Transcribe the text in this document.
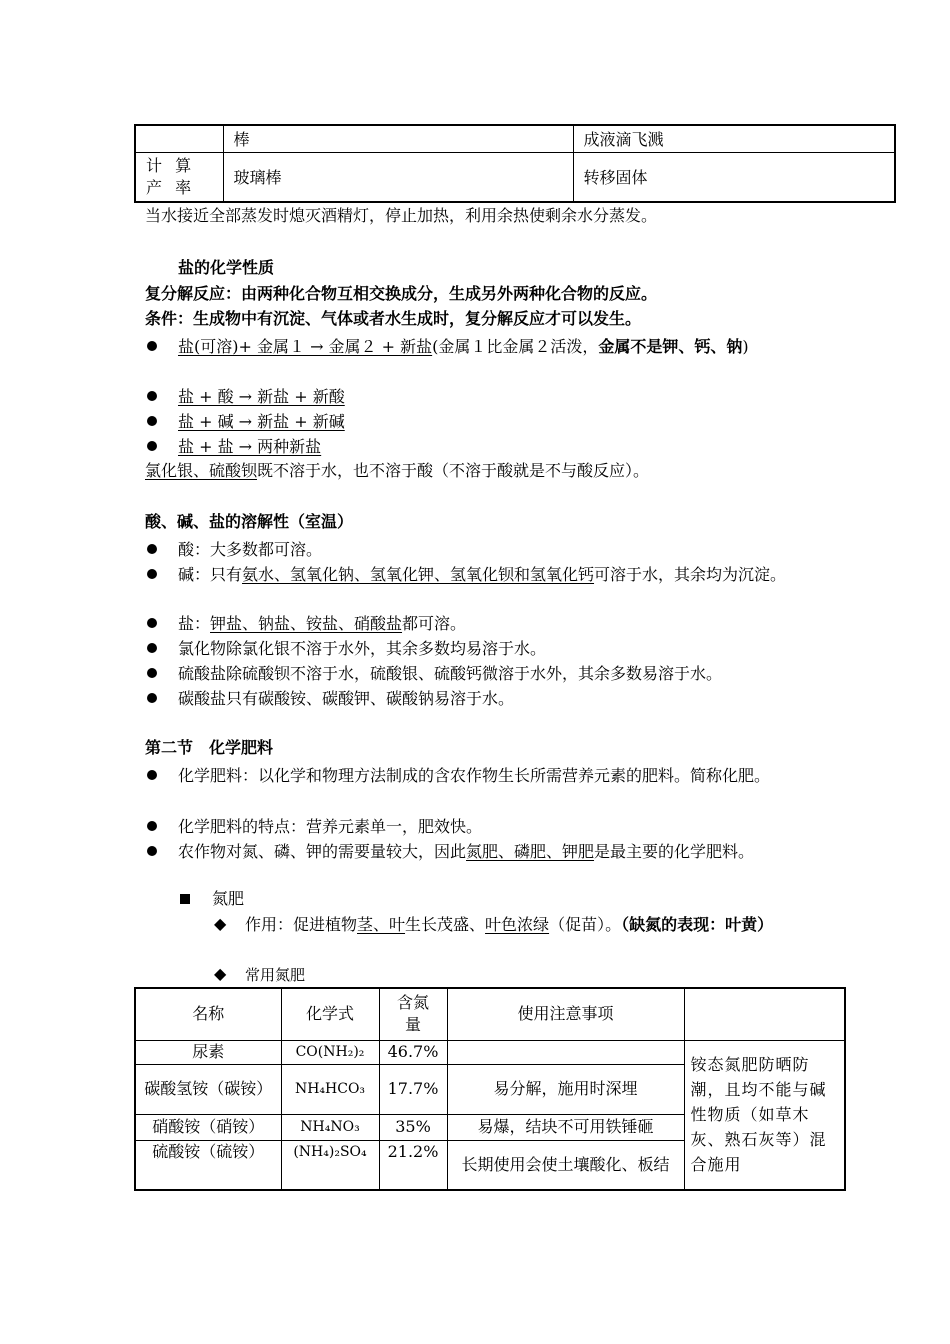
	棒	成液滴飞溅
计 算 产 率	玻璃棒	转移固体
当水接近全部蒸发时熄灭酒精灯，停止加热，利用余热使剩余水分蒸发。
盐的化学性质
复分解反应：由两种化合物互相交换成分，生成另外两种化合物的反应。
条件：生成物中有沉淀、气体或者水生成时，复分解反应才可以发生。
盐(可溶)+ 金属１ → 金属２ + 新盐(金属１比金属２活泼，金属不是钾、钙、钠)
盐 + 酸 → 新盐 + 新酸
盐 + 碱 → 新盐 + 新碱
盐 + 盐 → 两种新盐
氯化银、硫酸钡既不溶于水，也不溶于酸（不溶于酸就是不与酸反应）。
酸、碱、盐的溶解性（室温）
酸：大多数都可溶。
碱：只有氨水、氢氧化钠、氢氧化钾、氢氧化钡和氢氧化钙可溶于水，其余均为沉淀。
盐：钾盐、钠盐、铵盐、硝酸盐都可溶。
氯化物除氯化银不溶于水外，其余多数均易溶于水。
硫酸盐除硫酸钡不溶于水，硫酸银、硫酸钙微溶于水外，其余多数易溶于水。
碳酸盐只有碳酸铵、碳酸钾、碳酸钠易溶于水。
第二节　化学肥料
化学肥料：以化学和物理方法制成的含农作物生长所需营养元素的肥料。简称化肥。
化学肥料的特点：营养元素单一，肥效快。
农作物对氮、磷、钾的需要量较大，因此氮肥、磷肥、钾肥是最主要的化学肥料。
氮肥
◆ 作用：促进植物茎、叶生长茂盛、叶色浓绿（促苗）。（缺氮的表现：叶黄）
◆ 常用氮肥
名称	化学式	含氮量	使用注意事项	
尿素	CO(NH₂)₂	46.7%		铵态氮肥防晒防潮，且均不能与碱性物质（如草木灰、熟石灰等）混合施用
碳酸氢铵（碳铵）	NH₄HCO₃	17.7%	易分解，施用时深埋	
硝酸铵（硝铵）	NH₄NO₃	35%	易爆，结块不可用铁锤砸	
硫酸铵（硫铵）	(NH₄)₂SO₄	21.2%	长期使用会使土壤酸化、板结	
